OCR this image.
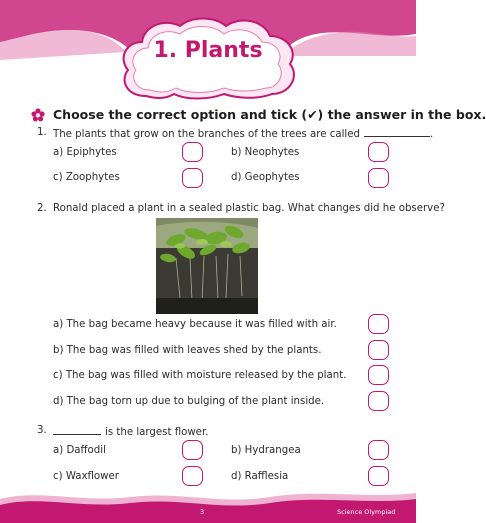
1. Plants
Choose the correct option and tick (✔) the answer in the box.
1. The plants that grow on the branches of the trees are called	.
a) Epiphytes	b) Neophytes
c) Zoophytes	d) Geophytes
2. Ronald placed a plant in a sealed plastic bag. What changes did he observe?
a) The bag became heavy because it was filled with air.
b) The bag was filled with leaves shed by the plants.
c) The bag was filled with moisture released by the plant.
d) The bag torn up due to bulging of the plant inside.
3.	is the largest flower.
a) Daffodil	b) Hydrangea
c) Waxflower	d) Rafflesia
3	Science Olympiad
